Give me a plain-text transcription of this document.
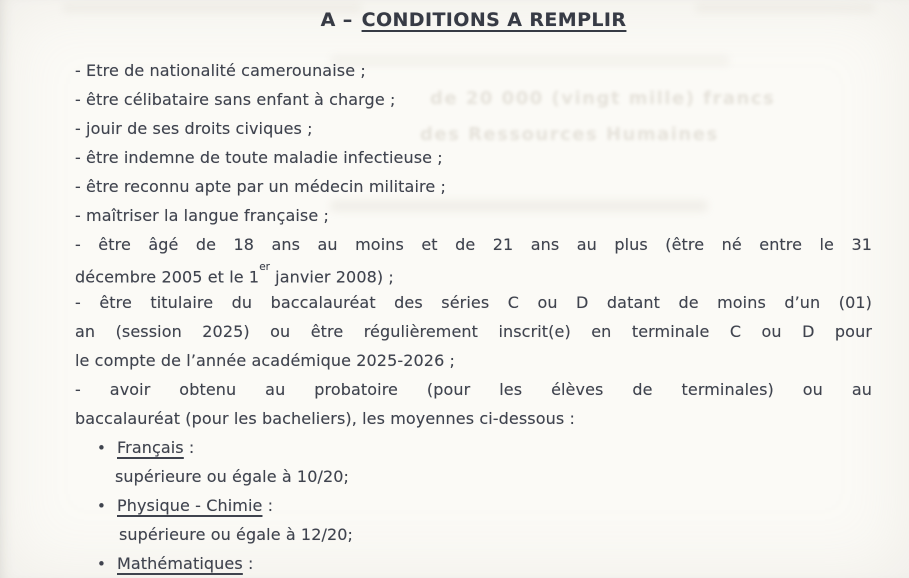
de 20 000 (vingt mille) francs
des Ressources Humaines
A – CONDITIONS A REMPLIR
- Etre de nationalité camerounaise ;
- être célibataire sans enfant à charge ;
- jouir de ses droits civiques ;
- être indemne de toute maladie infectieuse ;
- être reconnu apte par un médecin militaire ;
- maîtriser la langue française ;
- être âgé de 18 ans au moins et de 21 ans au plus (être né entre le 31
décembre 2005 et le 1er janvier 2008) ;
- être titulaire du baccalauréat des séries C ou D datant de moins d’un (01)
an (session 2025) ou être régulièrement inscrit(e) en terminale C ou D pour
le compte de l’année académique 2025-2026 ;
- avoir obtenu au probatoire (pour les élèves de terminales) ou au
baccalauréat (pour les bacheliers), les moyennes ci-dessous :
• Français :
supérieure ou égale à 10/20;
• Physique - Chimie :
supérieure ou égale à 12/20;
• Mathématiques :
